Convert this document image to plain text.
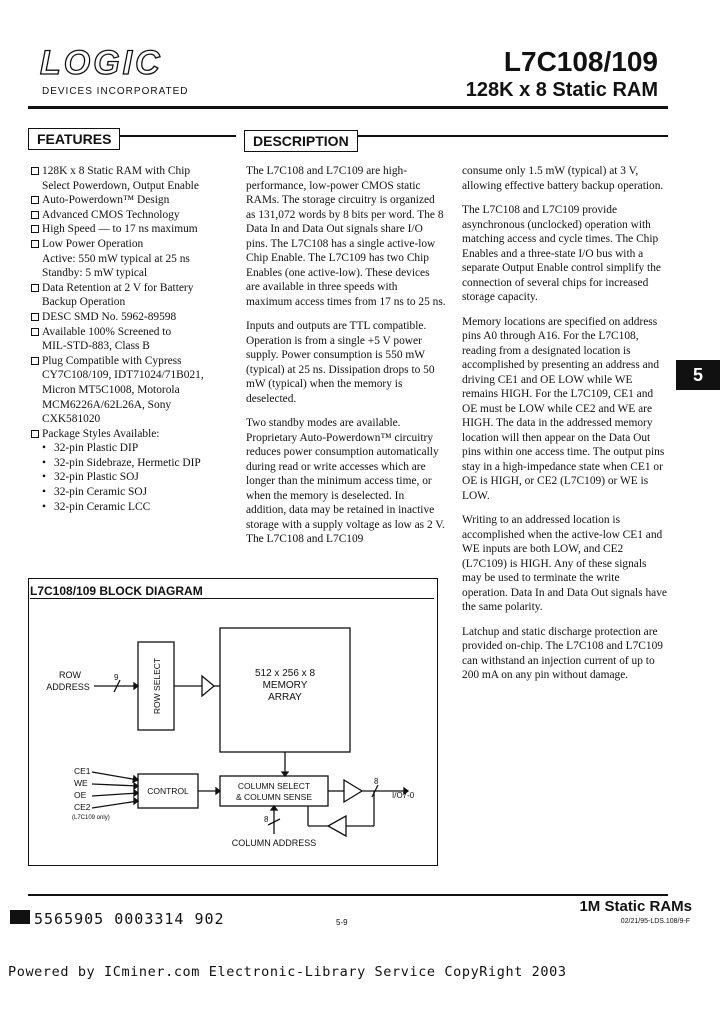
LOGIC
DEVICES INCORPORATED
L7C108/109
128K x 8 Static RAM
FEATURES
128K x 8 Static RAM with Chip
Select Powerdown, Output Enable
Auto-Powerdown™ Design
Advanced CMOS Technology
High Speed — to 17 ns maximum
Low Power Operation
Active: 550 mW typical at 25 ns
Standby: 5 mW typical
Data Retention at 2 V for Battery
Backup Operation
DESC SMD No. 5962-89598
Available 100% Screened to
MIL-STD-883, Class B
Plug Compatible with Cypress
CY7C108/109, IDT71024/71B021,
Micron MT5C1008, Motorola
MCM6226A/62L26A, Sony
CXK581020
Package Styles Available:
• 32-pin Plastic DIP
• 32-pin Sidebraze, Hermetic DIP
• 32-pin Plastic SOJ
• 32-pin Ceramic SOJ
• 32-pin Ceramic LCC
DESCRIPTION

The L7C108 and L7C109 are high-performance, low-power CMOS static RAMs. The storage circuitry is organized as 131,072 words by 8 bits per word. The 8 Data In and Data Out signals share I/O pins. The L7C108 has a single active-low Chip Enable. The L7C109 has two Chip Enables (one active-low). These devices are available in three speeds with maximum access times from 17 ns to 25 ns.

Inputs and outputs are TTL compatible. Operation is from a single +5 V power supply. Power consumption is 550 mW (typical) at 25 ns. Dissipation drops to 50 mW (typical) when the memory is deselected.

Two standby modes are available. Proprietary Auto-Powerdown™ circuitry reduces power consumption automatically during read or write accesses which are longer than the minimum access time, or when the memory is deselected. In addition, data may be retained in inactive storage with a supply voltage as low as 2 V. The L7C108 and L7C109

consume only 1.5 mW (typical) at 3 V, allowing effective battery backup operation.

The L7C108 and L7C109 provide asynchronous (unclocked) operation with matching access and cycle times. The Chip Enables and a three-state I/O bus with a separate Output Enable control simplify the connection of several chips for increased storage capacity.

Memory locations are specified on address pins A0 through A16. For the L7C108, reading from a designated location is accomplished by presenting an address and driving CE1 and OE LOW while WE remains HIGH. For the L7C109, CE1 and OE must be LOW while CE2 and WE are HIGH. The data in the addressed memory location will then appear on the Data Out pins within one access time. The output pins stay in a high-impedance state when CE1 or OE is HIGH, or CE2 (L7C109) or WE is LOW.

Writing to an addressed location is accomplished when the active-low CE1 and WE inputs are both LOW, and CE2 (L7C109) is HIGH. Any of these signals may be used to terminate the write operation. Data In and Data Out signals have the same polarity.

Latchup and static discharge protection are provided on-chip. The L7C108 and L7C109 can withstand an injection current of up to 200 mA on any pin without damage.

5
L7C108/109 BLOCK DIAGRAM
ROW
ADDRESS
9	ROW SELECT	512 x 256 x 8
MEMORY
ARRAY
CE1
WE
OE
CE2
(L7C109 only)
CONTROL	COLUMN SELECT
& COLUMN SENSE
8
I/O7-0
8
COLUMN ADDRESS
1M Static RAMs
5565905 0003314 902	5-9	02/21/95-LDS.108/9-F
Powered by ICminer.com Electronic-Library Service CopyRight 2003
